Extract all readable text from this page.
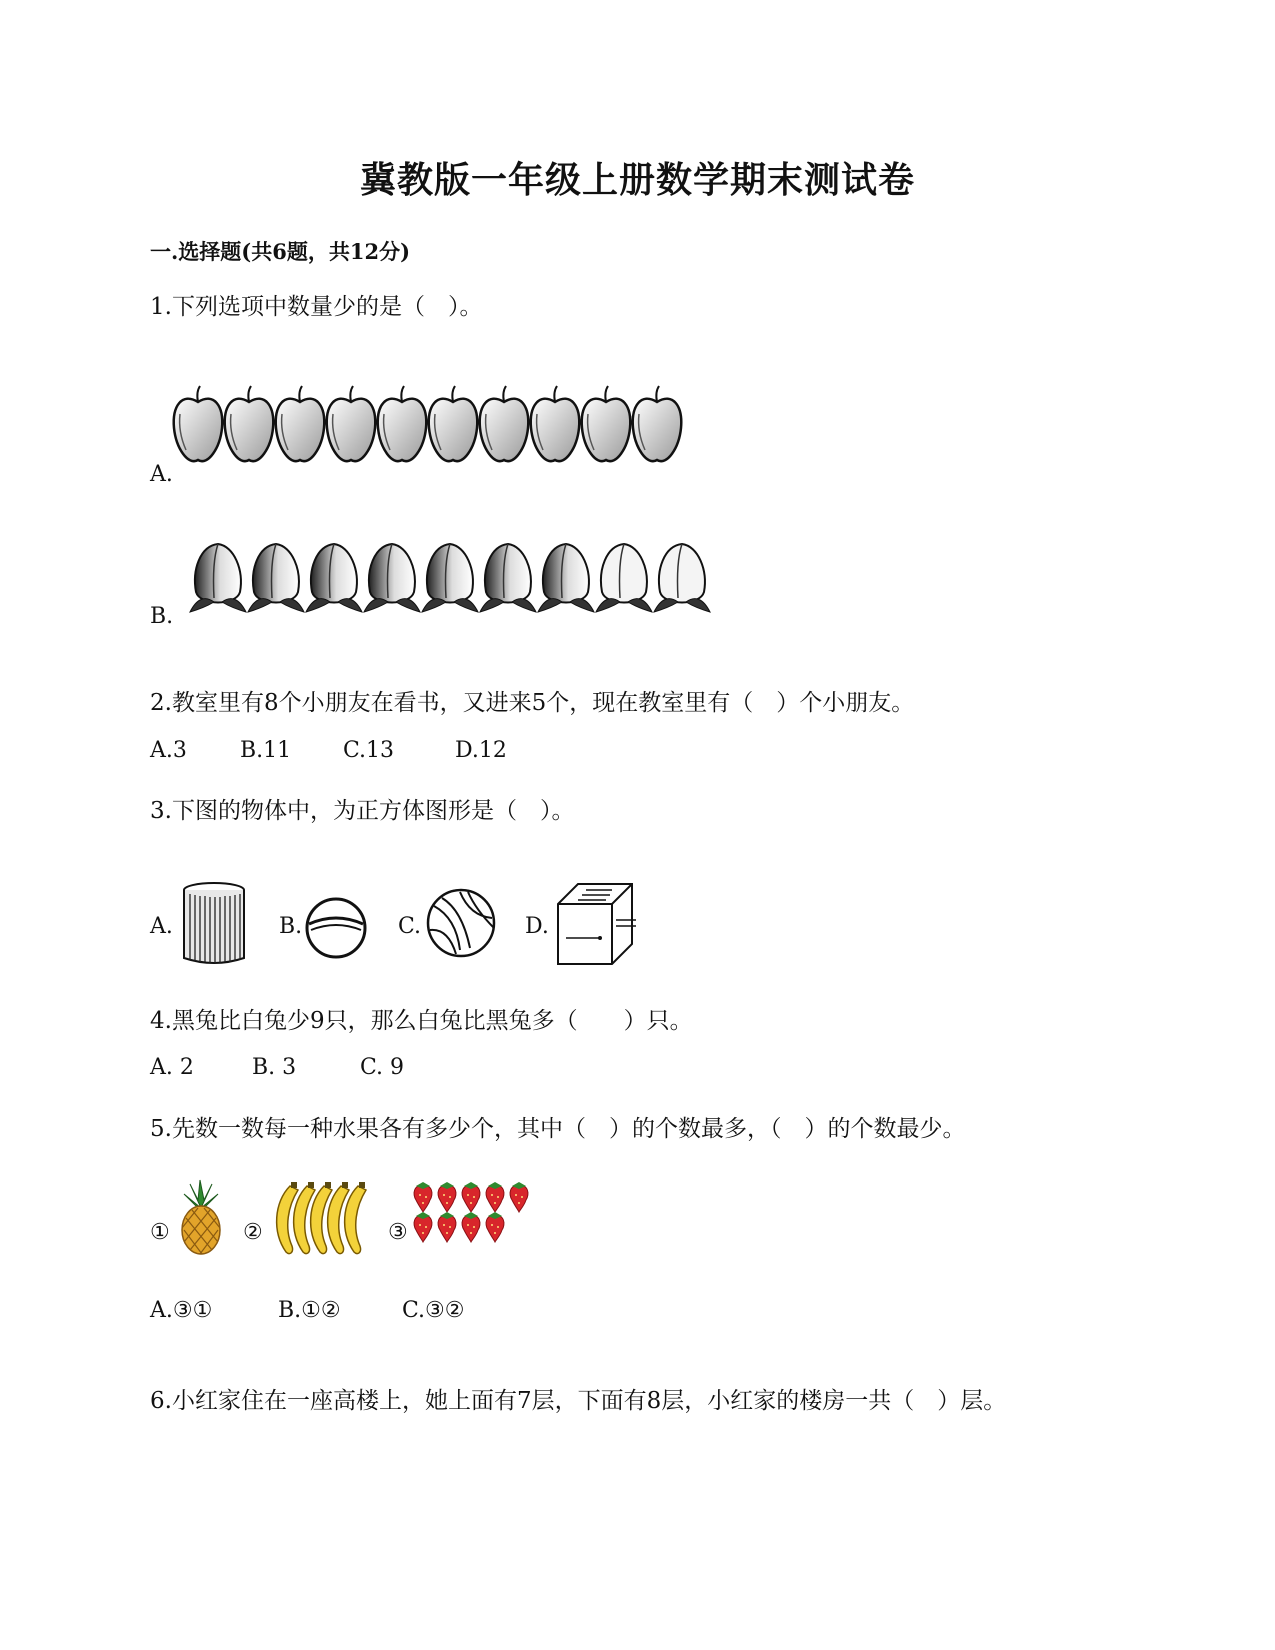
冀教版一年级上册数学期末测试卷
一.选择题(共6题，共12分)
1.下列选项中数量少的是（　）。
A.
B.
2.教室里有8个小朋友在看书，又进来5个，现在教室里有（　）个小朋友。
A.3 B.11 C.13	D.12
3.下图的物体中，为正方体图形是（　）。
A.	B.	C.	D.
4.黑兔比白兔少9只，那么白兔比黑兔多（　　）只。
A. 2	B. 3	C. 9
5.先数一数每一种水果各有多少个，其中（　）的个数最多，（　）的个数最少。
①	②	③
A.③①	B.①②	C.③②
6.小红家住在一座高楼上，她上面有7层，下面有8层，小红家的楼房一共（　）层。
